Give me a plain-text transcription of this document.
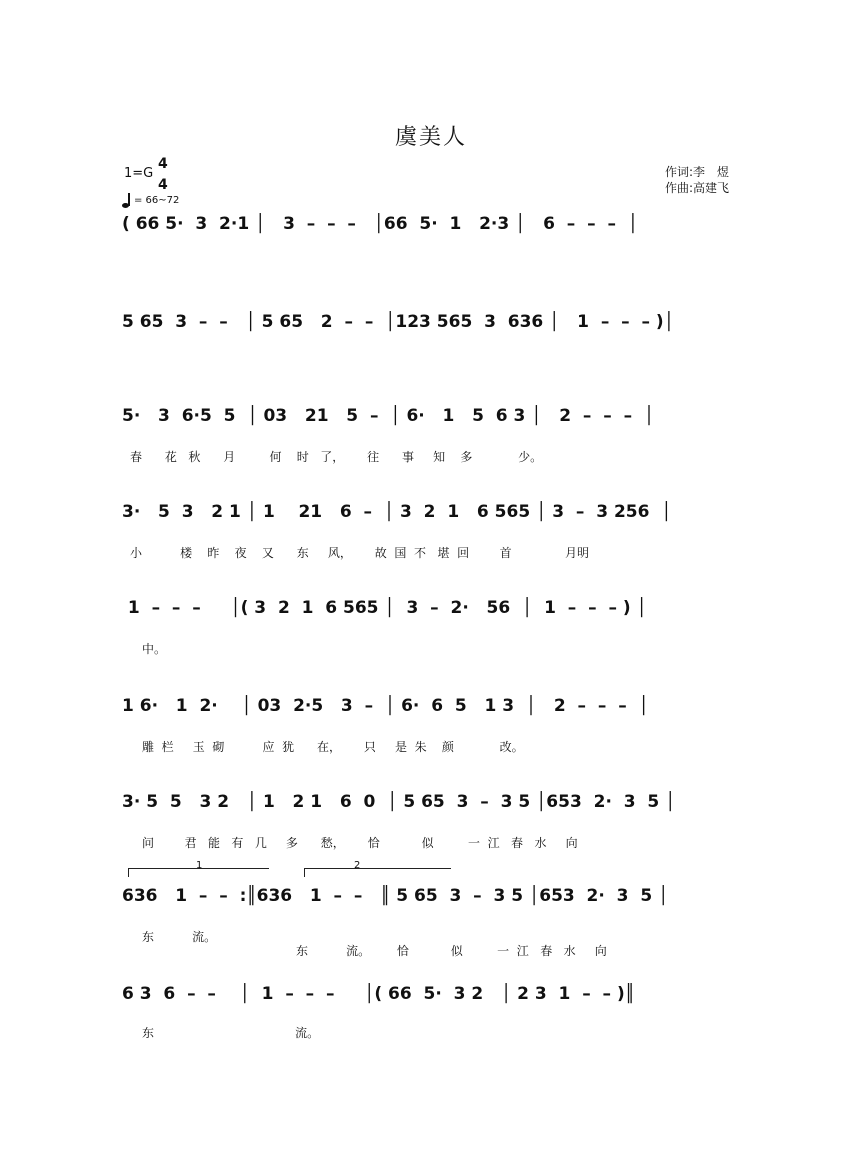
虞美人
1=G
4
4
= 66~72
作词:李　煜
作曲:高建飞
( 66 5·  3  2·1 │   3  –  –  –   │66  5·  1   2·3 │   6  –  –  –  │
5 65  3  –  –   │ 5 65   2  –  –  │123 565  3  636 │   1  –  –  – )│
5·   3  6·5  5  │ 03   21   5  –  │ 6·   1   5  6 3 │   2  –  –  –  │
春      花   秋      月         何    时   了，      往      事     知    多            少。
3·   5  3   2 1 │ 1    21   6  –  │ 3  2  1   6 565 │ 3  –  3 256  │
小          楼    昨    夜    又      东     风，      故  国  不   堪  回        首              月明
1  –  –  –     │( 3  2  1  6 565 │  3  –  2·   56  │  1  –  –  – ) │
中。
1 6·   1  2·    │ 03  2·5   3  –  │ 6·  6  5   1 3  │   2  –  –  –  │
雕  栏     玉  砌          应  犹      在，      只     是  朱    颜            改。
3· 5  5   3 2   │ 1   2 1   6  0  │ 5 65  3  –  3 5 │653  2·  3  5 │
问        君   能   有   几     多      愁，      恰           似         一  江   春   水     向
1	2
636   1  –  –  :║636   1  –  –   ║ 5 65  3  –  3 5 │653  2·  3  5 │
东          流。
东          流。       恰           似         一  江   春   水     向
6 3  6  –  –    │  1  –  –  –     │( 66  5·  3 2   │ 2 3  1  –  – )║
东                                     流。
